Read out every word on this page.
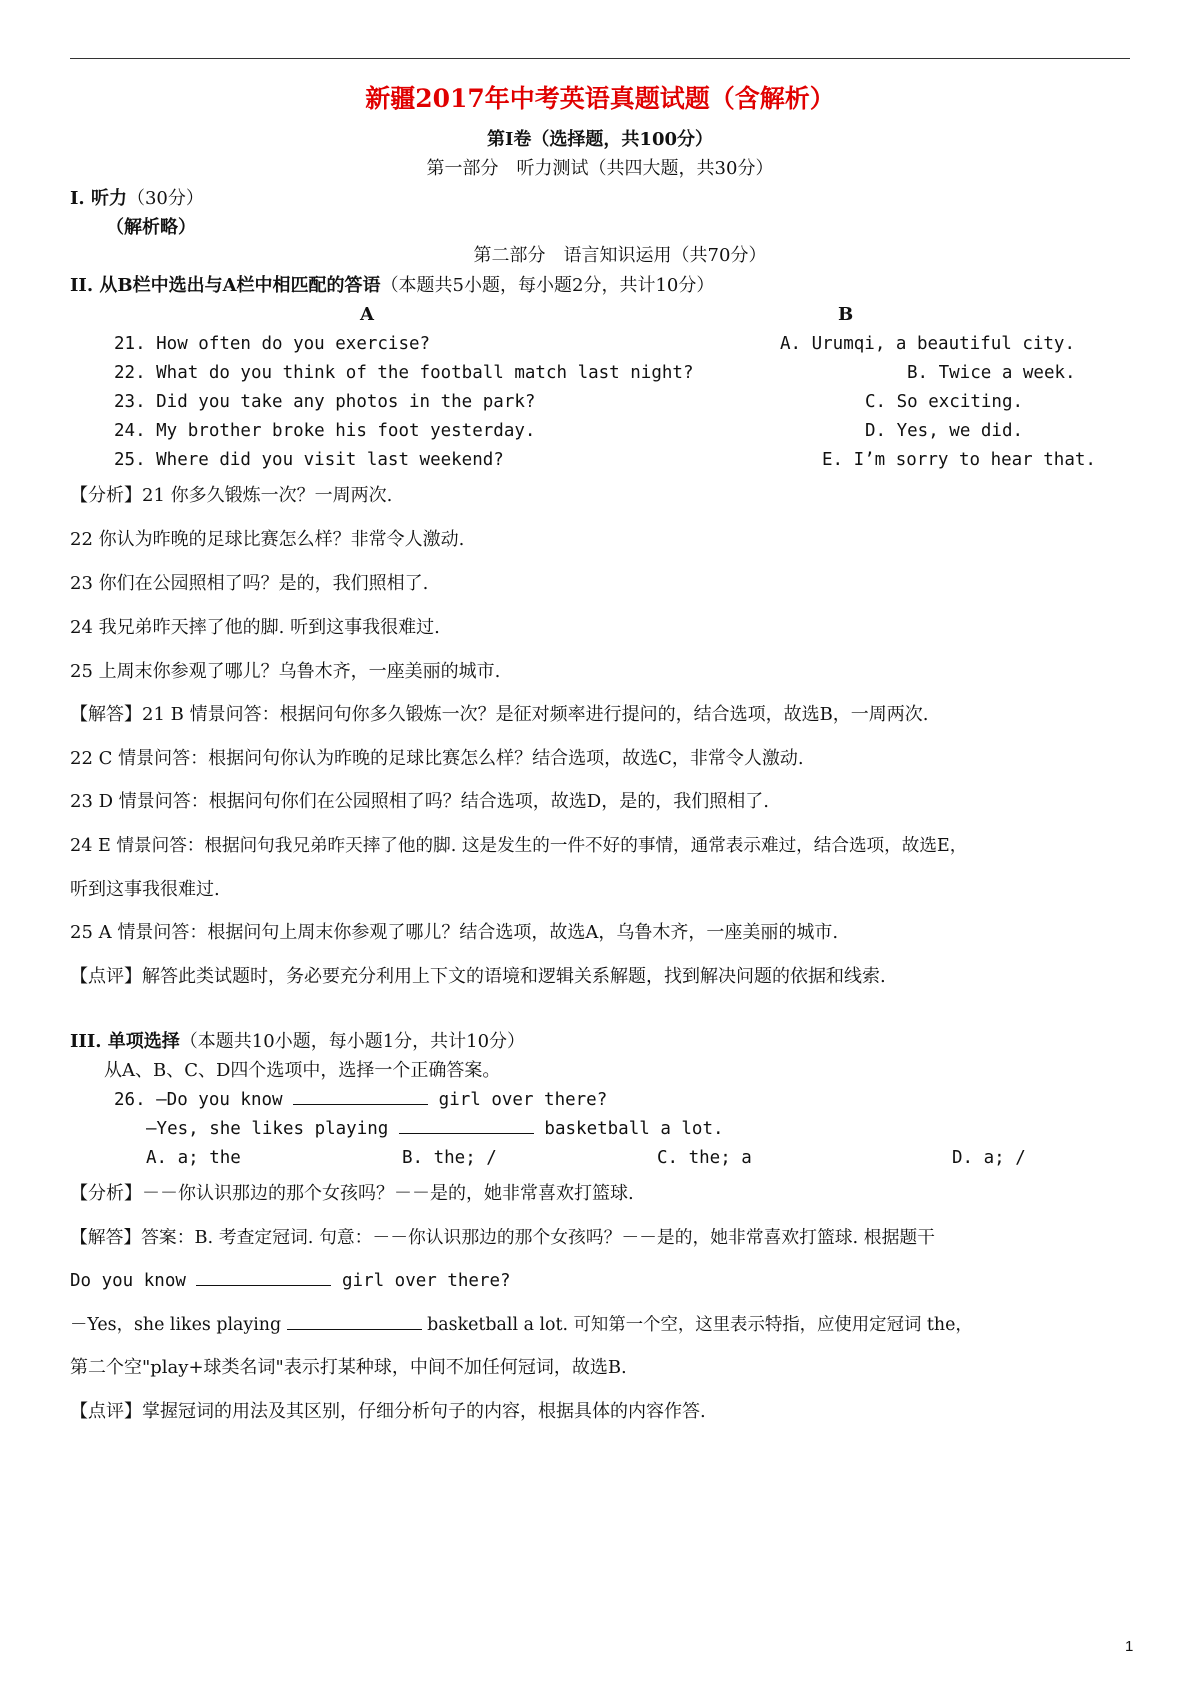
新疆2017年中考英语真题试题（含解析）
第Ⅰ卷（选择题，共100分）
第一部分　听力测试（共四大题，共30分）
I. 听力（30分）
（解析略）
第二部分　语言知识运用（共70分）
II. 从B栏中选出与A栏中相匹配的答语（本题共5小题，每小题2分，共计10分）
A	B
21. How often do you exercise?	A. Urumqi, a beautiful city.
22. What do you think of the football match last night?	B. Twice a week.
23. Did you take any photos in the park?	C. So exciting.
24. My brother broke his foot yesterday.	D. Yes, we did.
25. Where did you visit last weekend?	E. I’m sorry to hear that.
【分析】21 你多久锻炼一次？一周两次.
22 你认为昨晚的足球比赛怎么样？非常令人激动.
23 你们在公园照相了吗？是的，我们照相了.
24 我兄弟昨天摔了他的脚. 听到这事我很难过.
25 上周末你参观了哪儿？乌鲁木齐，一座美丽的城市.
【解答】21 B 情景问答：根据问句你多久锻炼一次？是征对频率进行提问的，结合选项，故选B，一周两次.
22 C 情景问答：根据问句你认为昨晚的足球比赛怎么样？结合选项，故选C，非常令人激动.
23 D 情景问答：根据问句你们在公园照相了吗？结合选项，故选D，是的，我们照相了.
24 E 情景问答：根据问句我兄弟昨天摔了他的脚. 这是发生的一件不好的事情，通常表示难过，结合选项，故选E，
听到这事我很难过.
25 A 情景问答：根据问句上周末你参观了哪儿？结合选项，故选A，乌鲁木齐，一座美丽的城市.
【点评】解答此类试题时，务必要充分利用上下文的语境和逻辑关系解题，找到解决问题的依据和线索.
III. 单项选择（本题共10小题，每小题1分，共计10分）
从A、B、C、D四个选项中，选择一个正确答案。
26. —Do you know	girl over there?
—Yes, she likes playing	basketball a lot.
A. a; the	B. the; /	C. the; a	D. a; /
【分析】－－你认识那边的那个女孩吗？－－是的，她非常喜欢打篮球.
【解答】答案：B. 考查定冠词. 句意：－－你认识那边的那个女孩吗？－－是的，她非常喜欢打篮球. 根据题干
Do you know	girl over there?
－Yes，she likes playing	basketball a lot. 可知第一个空，这里表示特指，应使用定冠词 the，
第二个空"play+球类名词"表示打某种球，中间不加任何冠词，故选B.
【点评】掌握冠词的用法及其区别，仔细分析句子的内容，根据具体的内容作答.
1
